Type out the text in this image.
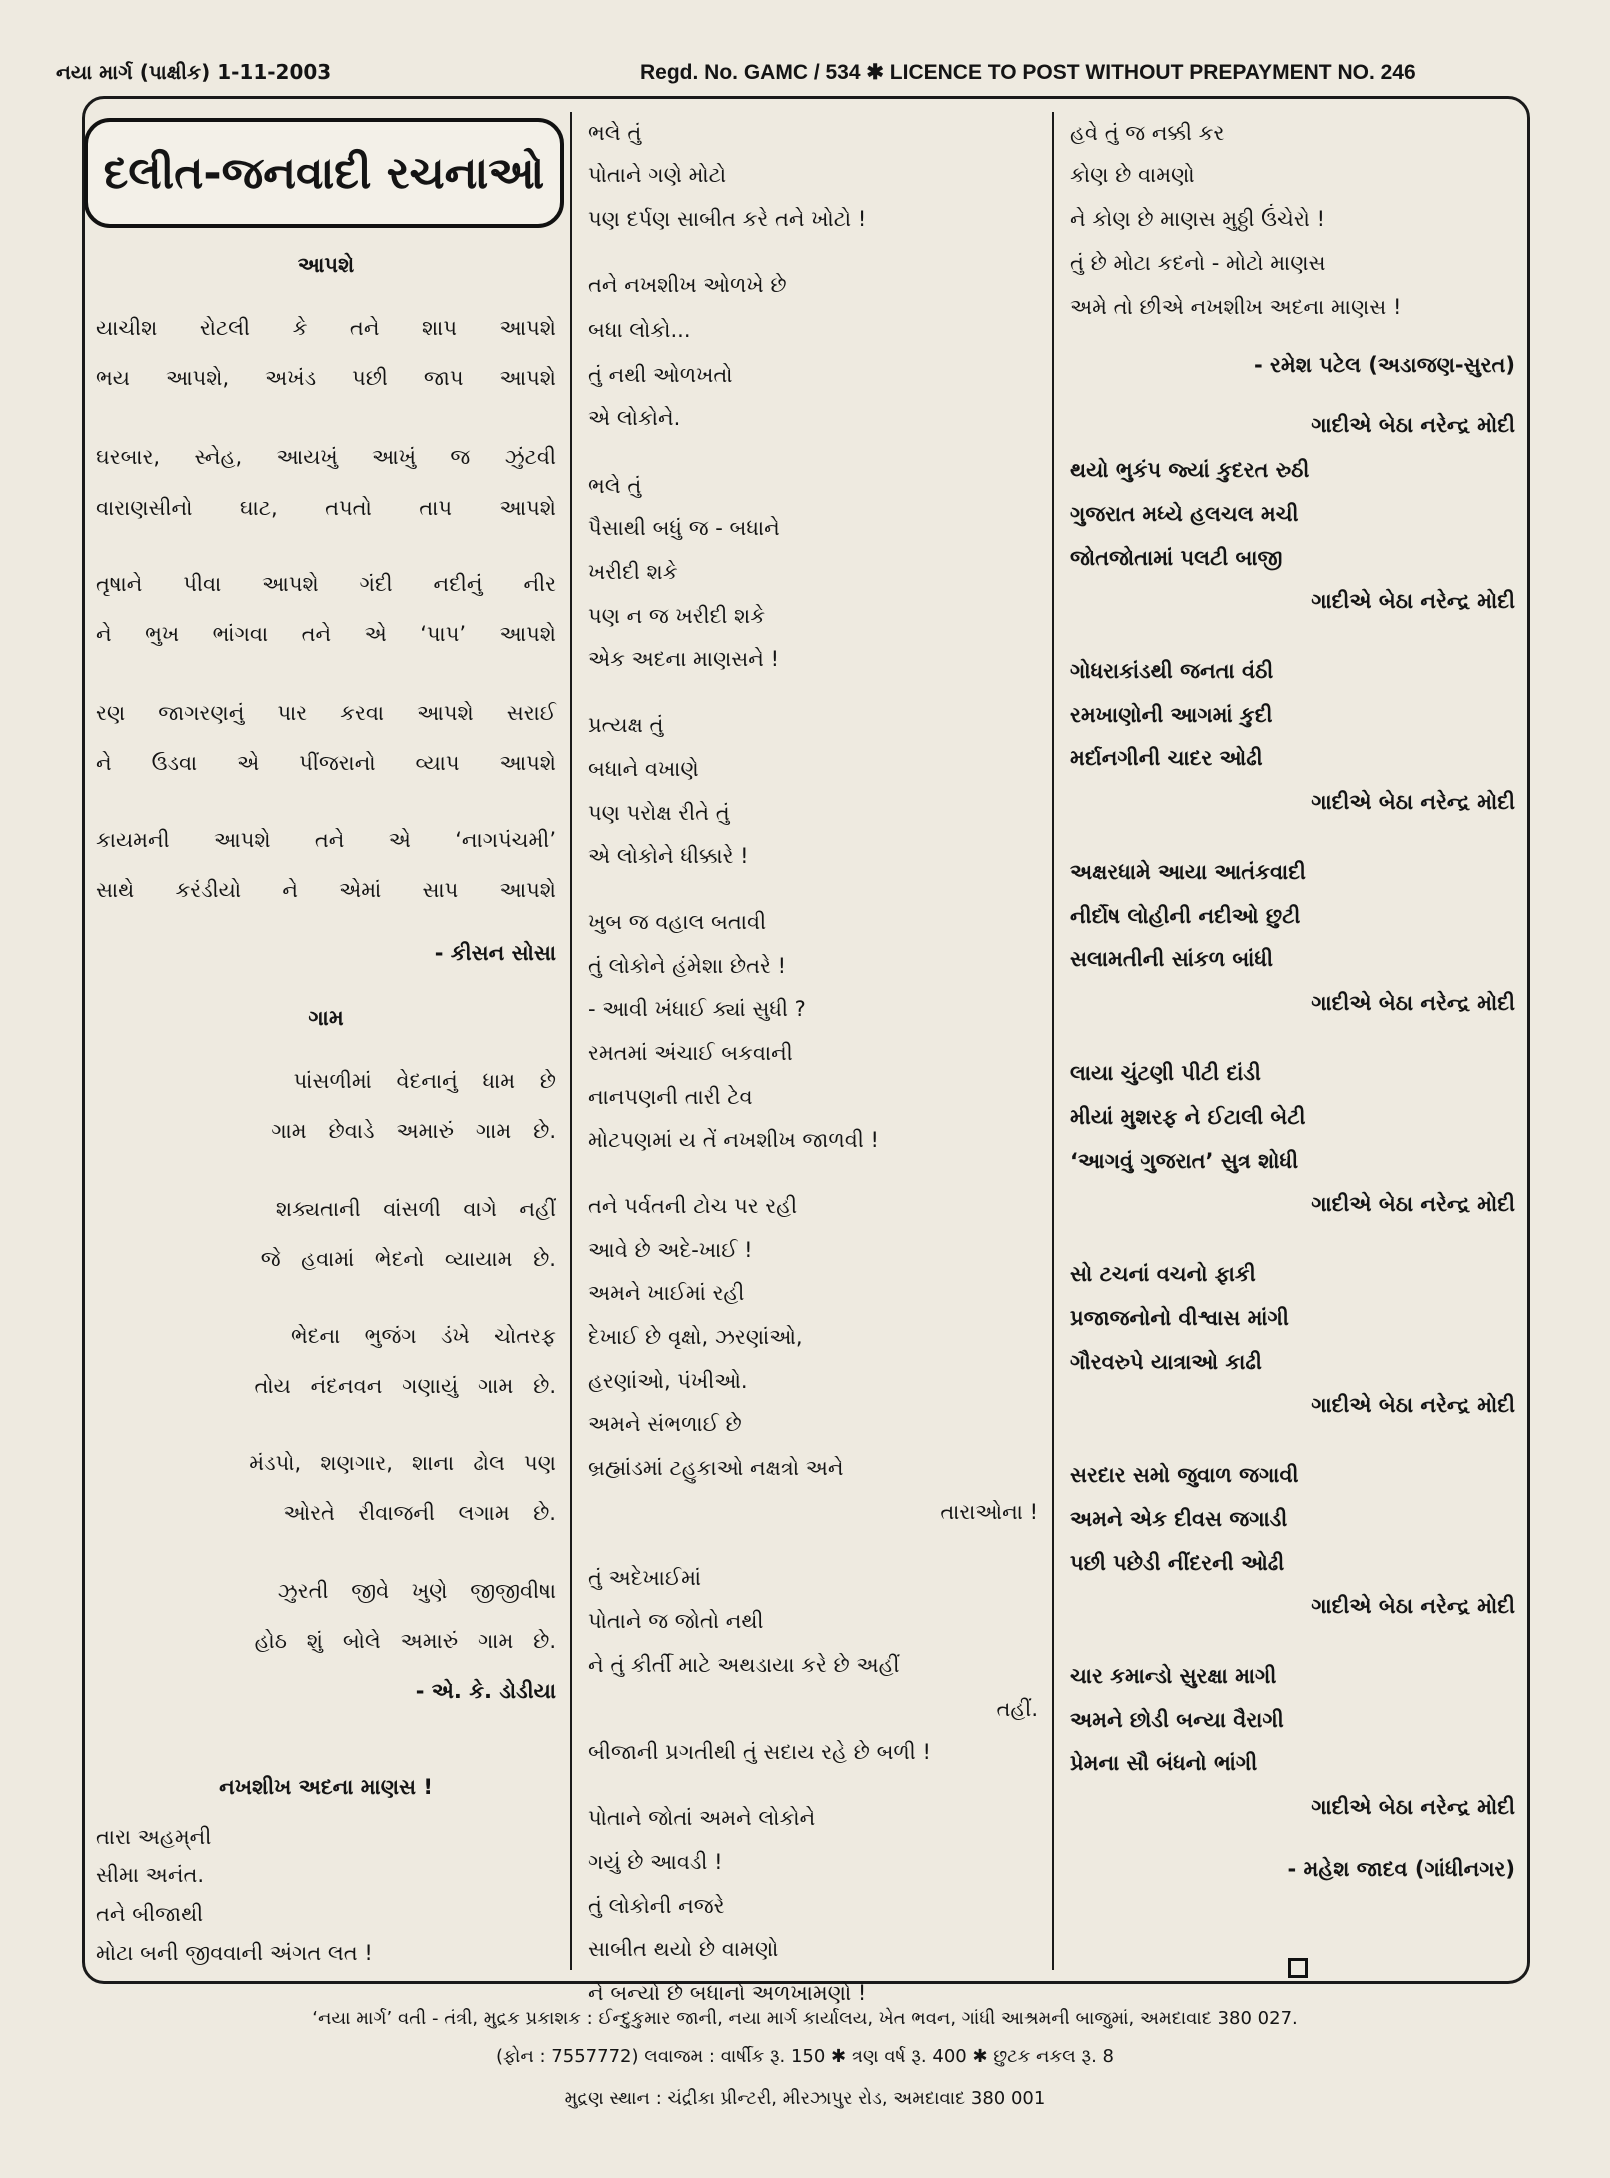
નયા માર્ગ (પાક્ષીક) 1-11-2003	Regd. No. GAMC / 534 ✱ LICENCE TO POST WITHOUT PREPAYMENT NO. 246
દલીત-જનવાદી રચનાઓ
આપશે
યાચીશ રોટલી કે તને શાપ આપશે
ભય આપશે, અખંડ પછી જાપ આપશે
ઘરબાર, સ્નેહ, આયખું આખું જ ઝુંટવી
વારાણસીનો ઘાટ, તપતો તાપ આપશે
તૃષાને પીવા આપશે ગંદી નદીનું નીર
ને ભુખ ભાંગવા તને એ ‘પાપ’ આપશે
રણ જાગરણનું પાર કરવા આપશે સરાઈ
ને ઉડવા એ પીંજરાનો વ્યાપ આપશે
કાયમની આપશે તને એ ‘નાગપંચમી’
સાથે કરંડીયો ને એમાં સાપ આપશે
- કીસન સોસા
ગામ
પાંસળીમાં વેદનાનું ધામ છે
ગામ છેવાડે અમારું ગામ છે.
શક્યતાની વાંસળી વાગે નહીં
જે હવામાં ભેદનો વ્યાયામ છે.
ભેદના ભુજંગ ડંખે ચોતરફ
તોય નંદનવન ગણાયું ગામ છે.
મંડપો, શણગાર, શાના ઢોલ પણ
ઓરતે રીવાજની લગામ છે.
ઝુરતી જીવે ખુણે જીજીવીષા
હોઠ શું બોલે અમારું ગામ છે.
- એ. કે. ડોડીયા
નખશીખ અદના માણસ !
તારા અહમ્‌ની
સીમા અનંત.
તને બીજાથી
મોટા બની જીવવાની અંગત લત !
ભલે તું
પોતાને ગણે મોટો
પણ દર્પણ સાબીત કરે તને ખોટો !
તને નખશીખ ઓળખે છે
બધા લોકો...
તું નથી ઓળખતો
એ લોકોને.
ભલે તું
પૈસાથી બધું જ - બધાને
ખરીદી શકે
પણ ન જ ખરીદી શકે
એક અદના માણસને !
પ્રત્યક્ષ તું
બધાને વખાણે
પણ પરોક્ષ રીતે તું
એ લોકોને ધીક્કારે !
ખુબ જ વહાલ બતાવી
તું લોકોને હંમેશા છેતરે !
- આવી ખંધાઈ ક્યાં સુધી ?
રમતમાં અંચાઈ બકવાની
નાનપણની તારી ટેવ
મોટપણમાં ય તેં નખશીખ જાળવી !
તને પર્વતની ટોચ પર રહી
આવે છે અદે-ખાઈ !
અમને ખાઈમાં રહી
દેખાઈ છે વૃક્ષો, ઝરણાંઓ,
હરણાંઓ, પંખીઓ.
અમને સંભળાઈ છે
બ્રહ્માંડમાં ટહુકાઓ નક્ષત્રો અને
તારાઓના !
તું અદેખાઈમાં
પોતાને જ જોતો નથી
ને તું કીર્તી માટે અથડાયા કરે છે અહીં
તહીં.
બીજાની પ્રગતીથી તું સદાય રહે છે બળી !
પોતાને જોતાં અમને લોકોને
ગયું છે આવડી !
તું લોકોની નજરે
સાબીત થયો છે વામણો
ને બન્યો છે બધાનો અળખામણો !
હવે તું જ નક્કી કર
કોણ છે વામણો
ને કોણ છે માણસ મુઠ્ઠી ઉંચેરો !
તું છે મોટા કદનો - મોટો માણસ
અમે તો છીએ નખશીખ અદના માણસ !
- રમેશ પટેલ (અડાજણ-સુરત)
ગાદીએ બેઠા નરેન્દ્ર મોદી
થયો ભુકંપ જ્યાં કુદરત રુઠી
ગુજરાત મધ્યે હલચલ મચી
જોતજોતામાં પલટી બાજી
ગાદીએ બેઠા નરેન્દ્ર મોદી
ગોધરાકાંડથી જનતા વંઠી
રમખાણોની આગમાં કુદી
મર્દાનગીની ચાદર ઓઢી
ગાદીએ બેઠા નરેન્દ્ર મોદી
અક્ષરધામે આયા આતંકવાદી
નીર્દોષ લોહીની નદીઓ છુટી
સલામતીની સાંકળ બાંધી
ગાદીએ બેઠા નરેન્દ્ર મોદી
લાયા ચુંટણી પીટી દાંડી
મીયાં મુશરફ ને ઈટાલી બેટી
‘આગવું ગુજરાત’ સુત્ર શોધી
ગાદીએ બેઠા નરેન્દ્ર મોદી
સો ટચનાં વચનો ફાકી
પ્રજાજનોનો વીશ્વાસ માંગી
ગૌરવરુપે યાત્રાઓ કાઢી
ગાદીએ બેઠા નરેન્દ્ર મોદી
સરદાર સમો જુવાળ જગાવી
અમને એક દીવસ જગાડી
પછી પછેડી નીંદરની ઓઢી
ગાદીએ બેઠા નરેન્દ્ર મોદી
ચાર કમાન્ડો સુરક્ષા માગી
અમને છોડી બન્યા વૈરાગી
પ્રેમના સૌ બંધનો ભાંગી
ગાદીએ બેઠા નરેન્દ્ર મોદી
- મહેશ જાદવ (ગાંધીનગર)
‘નયા માર્ગ’ વતી - તંત્રી, મુદ્રક પ્રકાશક : ઈન્દુકુમાર જાની, નયા માર્ગ કાર્યાલય, ખેત ભવન, ગાંધી આશ્રમની બાજુમાં, અમદાવાદ 380 027.
(ફોન : 7557772) લવાજમ : વાર્ષીક રૂ. 150 ✱ ત્રણ વર્ષ રૂ. 400 ✱ છુટક નકલ રૂ. 8
મુદ્રણ સ્થાન : ચંદ્રીકા પ્રીન્ટરી, મીરઝાપુર રોડ, અમદાવાદ 380 001
